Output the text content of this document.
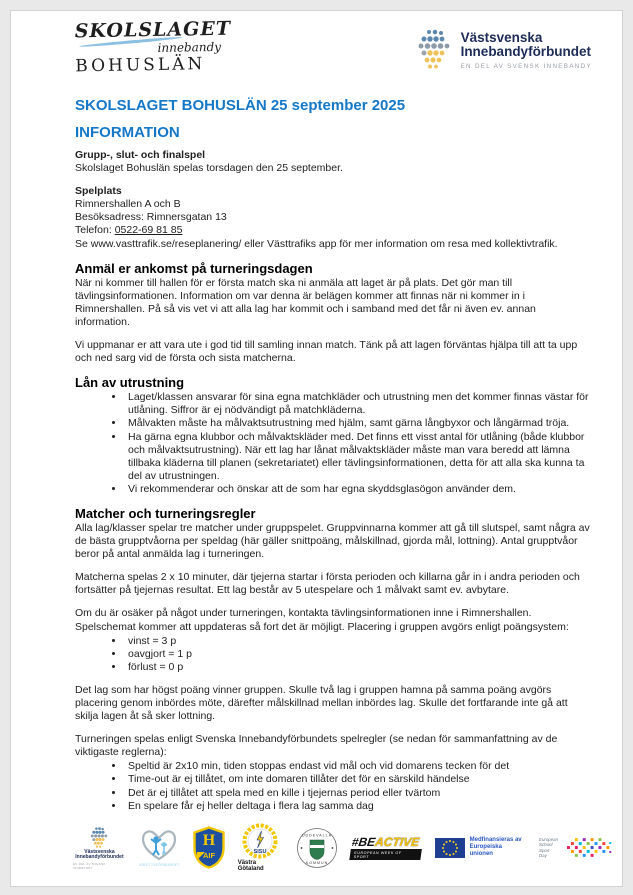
SKOLSLAGET
innebandy
BOHUSLÄN
Västsvenska
Innebandyförbundet
EN DEL AV SVENSK INNEBANDY
SKOLSLAGET BOHUSLÄN 25 september 2025
INFORMATION

Grupp-, slut- och finalspel

Skolslaget Bohuslän spelas torsdagen den 25 september.

Spelplats

Rimnershallen A och B

Besöksadress: Rimnersgatan 13

Telefon: 0522-69 81 85

Se www.vasttrafik.se/reseplanering/ eller Västtrafiks app för mer information om resa med kollektivtrafik.

Anmäl er ankomst på turneringsdagen

När ni kommer till hallen för er första match ska ni anmäla att laget är på plats. Det gör man till tävlingsinformationen. Information om var denna är belägen kommer att finnas när ni kommer in i Rimnershallen. På så vis vet vi att alla lag har kommit och i samband med det får ni även ev. annan information.

Vi uppmanar er att vara ute i god tid till samling innan match. Tänk på att lagen förväntas hjälpa till att ta upp och ned sarg vid de första och sista matcherna.

Lån av utrustning
• Laget/klassen ansvarar för sina egna matchkläder och utrustning men det kommer finnas västar för utlåning. Siffror är ej nödvändigt på matchkläderna.
• Målvakten måste ha målvaktsutrustning med hjälm, samt gärna långbyxor och långärmad tröja.
• Ha gärna egna klubbor och målvaktskläder med. Det finns ett visst antal för utlåning (både klubbor och målvaktsutrustning). När ett lag har lånat målvaktskläder måste man vara beredd att lämna tillbaka kläderna till planen (sekretariatet) eller tävlingsinformationen, detta för att alla ska kunna ta del av utrustningen.
• Vi rekommenderar och önskar att de som har egna skyddsglasögon använder dem.
Matcher och turneringsregler

Alla lag/klasser spelar tre matcher under gruppspelet. Gruppvinnarna kommer att gå till slutspel, samt några av de bästa grupptvåorna per speldag (här gäller snittpoäng, målskillnad, gjorda mål, lottning). Antal grupptvåor beror på antal anmälda lag i turneringen.

Matcherna spelas 2 x 10 minuter, där tjejerna startar i första perioden och killarna går in i andra perioden och fortsätter på tjejernas resultat. Ett lag består av 5 utespelare och 1 målvakt samt ev. avbytare.

Om du är osäker på något under turneringen, kontakta tävlingsinformationen inne i Rimnershallen. Spelschemat kommer att uppdateras så fort det är möjligt. Placering i gruppen avgörs enligt poängsystem:

• vinst = 3 p
• oavgjort = 1 p
• förlust = 0 p

Det lag som har högst poäng vinner gruppen. Skulle två lag i gruppen hamna på samma poäng avgörs placering genom inbördes möte, därefter målskillnad mellan inbördes lag. Skulle det fortfarande inte gå att skilja lagen åt så sker lottning.

Turneringen spelas enligt Svenska Innebandyförbundets spelregler (se nedan för sammanfattning av de viktigaste reglerna):

• Speltid är 2x10 min, tiden stoppas endast vid mål och vid domarens tecken för det
• Time-out är ej tillåtet, om inte domaren tillåter det för en särskild händelse
• Det är ej tillåtet att spela med en kille i tjejernas period eller tvärtom
• En spelare får ej heller deltaga i flera lag samma dag
Västsvenska
Innebandyförbundet
EN DEL AV SVENSK INNEBANDY
IDROTTSFÖRBUNDET
H
AIF	SISU
Västra Götaland
UDDEVALLA
KOMMUN
#BEACTIVE
EUROPEAN WEEK OF SPORT
Medfinansieras av
Europeiska unionen
European
School Sport
Day
